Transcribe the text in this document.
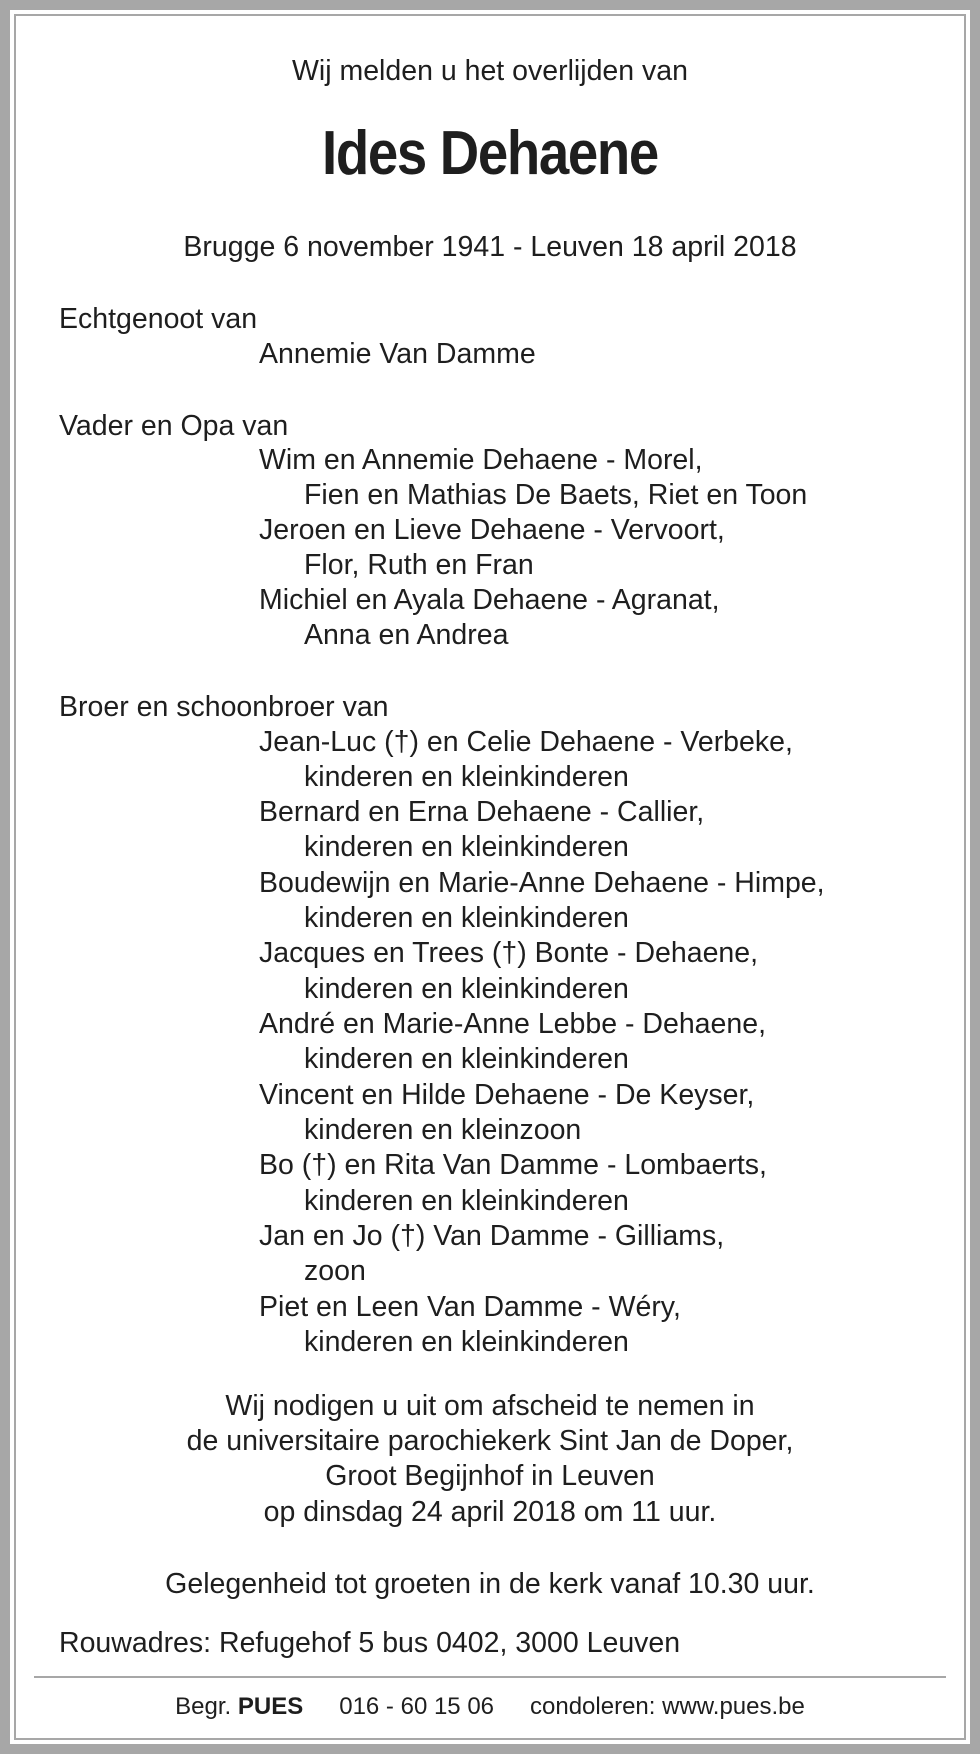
Wij melden u het overlijden van
Ides Dehaene
Brugge 6 november 1941 - Leuven 18 april 2018
Echtgenoot van
Annemie Van Damme
Vader en Opa van
Wim en Annemie Dehaene - Morel,
Fien en Mathias De Baets, Riet en Toon
Jeroen en Lieve Dehaene - Vervoort,
Flor, Ruth en Fran
Michiel en Ayala Dehaene - Agranat,
Anna en Andrea
Broer en schoonbroer van
Jean-Luc (†) en Celie Dehaene - Verbeke,
kinderen en kleinkinderen
Bernard en Erna Dehaene - Callier,
kinderen en kleinkinderen
Boudewijn en Marie-Anne Dehaene - Himpe,
kinderen en kleinkinderen
Jacques en Trees (†) Bonte - Dehaene,
kinderen en kleinkinderen
André en Marie-Anne Lebbe - Dehaene,
kinderen en kleinkinderen
Vincent en Hilde Dehaene - De Keyser,
kinderen en kleinzoon
Bo (†) en Rita Van Damme - Lombaerts,
kinderen en kleinkinderen
Jan en Jo (†) Van Damme - Gilliams,
zoon
Piet en Leen Van Damme - Wéry,
kinderen en kleinkinderen
Wij nodigen u uit om afscheid te nemen in
de universitaire parochiekerk Sint Jan de Doper,
Groot Begijnhof in Leuven
op dinsdag 24 april 2018 om 11 uur.
Gelegenheid tot groeten in de kerk vanaf 10.30 uur.
Rouwadres: Refugehof 5 bus 0402, 3000 Leuven
Begr. PUES 016 - 60 15 06 condoleren: www.pues.be
